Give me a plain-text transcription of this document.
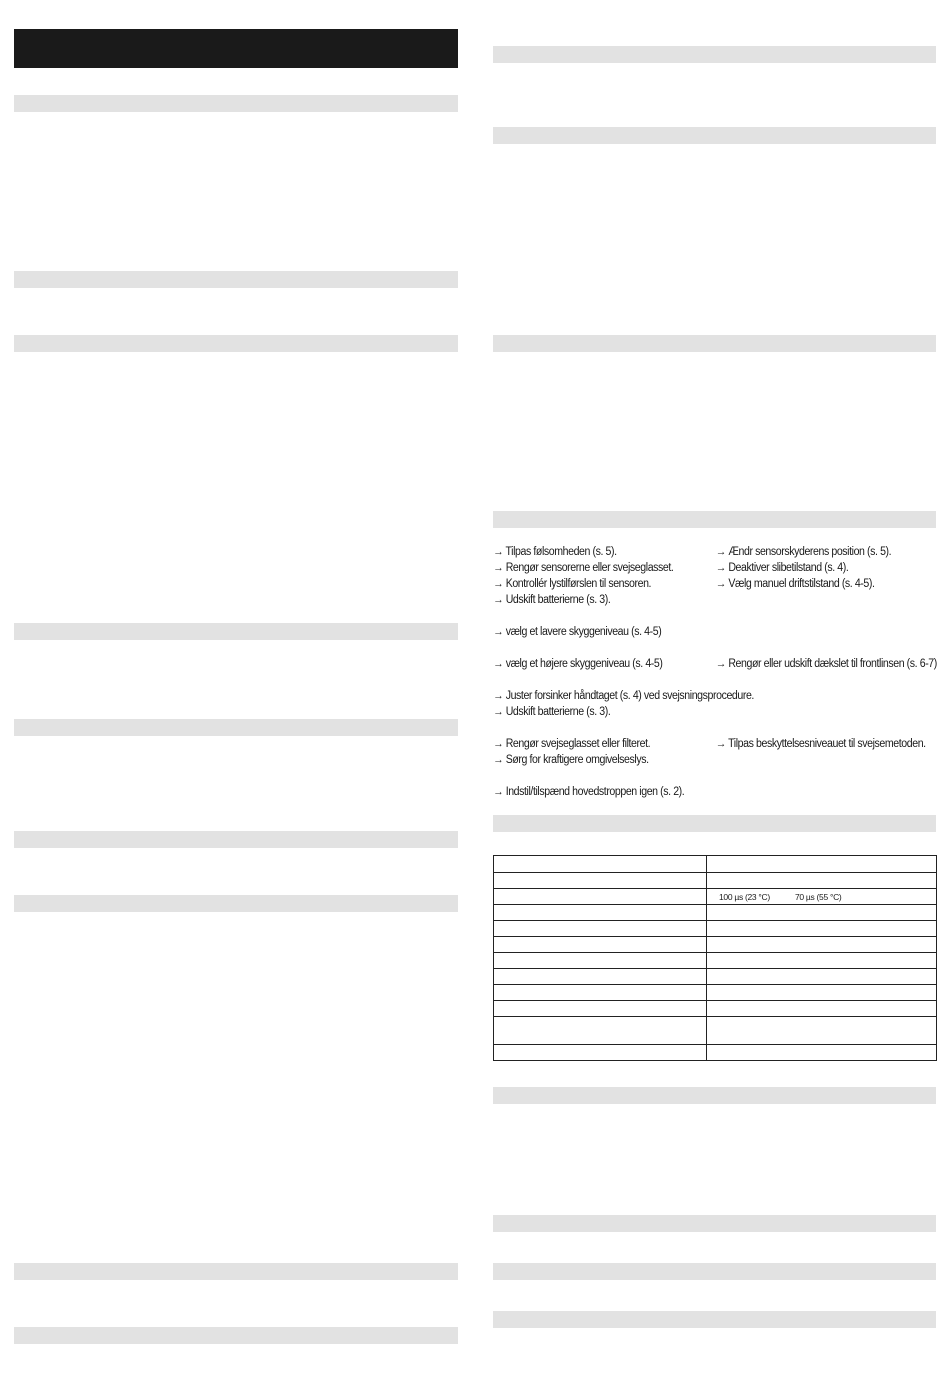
→ Tilpas følsomheden (s. 5).	→ Ændr sensorskyderens position (s. 5).
→ Rengør sensorerne eller svejseglasset.	→ Deaktiver slibetilstand (s. 4).
→ Kontrollér lystilførslen til sensoren.	→ Vælg manuel driftstilstand (s. 4-5).
→ Udskift batterierne (s. 3).
→ vælg et lavere skyggeniveau (s. 4-5)
→ vælg et højere skyggeniveau (s. 4-5)	→ Rengør eller udskift dækslet til frontlinsen (s. 6-7)
→ Juster forsinker håndtaget (s. 4) ved svejsningsprocedure.
→ Udskift batterierne (s. 3).
→ Rengør svejseglasset eller filteret.	→ Tilpas beskyttelsesniveauet til svejsemetoden.
→ Sørg for kraftigere omgivelseslys.
→ Indstil/tilspænd hovedstroppen igen (s. 2).

	100 µs (23 °C) 70 µs (55 °C)
